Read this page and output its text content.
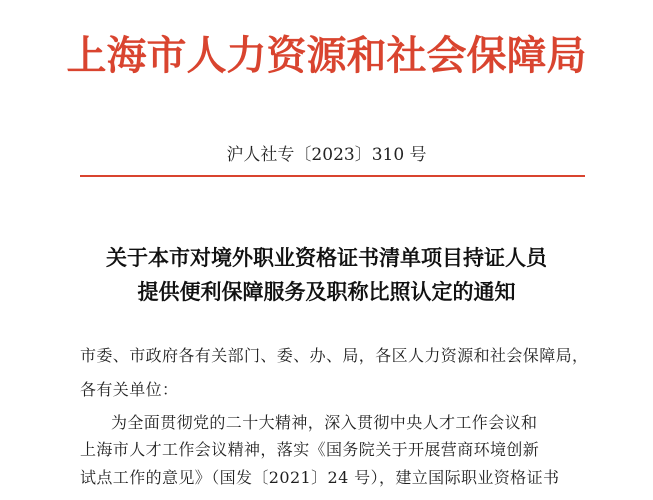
上海市人力资源和社会保障局
沪人社专〔2023〕310 号
关于本市对境外职业资格证书清单项目持证人员
提供便利保障服务及职称比照认定的通知
市委、市政府各有关部门、委、办、局，各区人力资源和社会保障局，
各有关单位：
为全面贯彻党的二十大精神，深入贯彻中央人才工作会议和
上海市人才工作会议精神，落实《国务院关于开展营商环境创新
试点工作的意见》（国发〔2021〕24 号），建立国际职业资格证书
